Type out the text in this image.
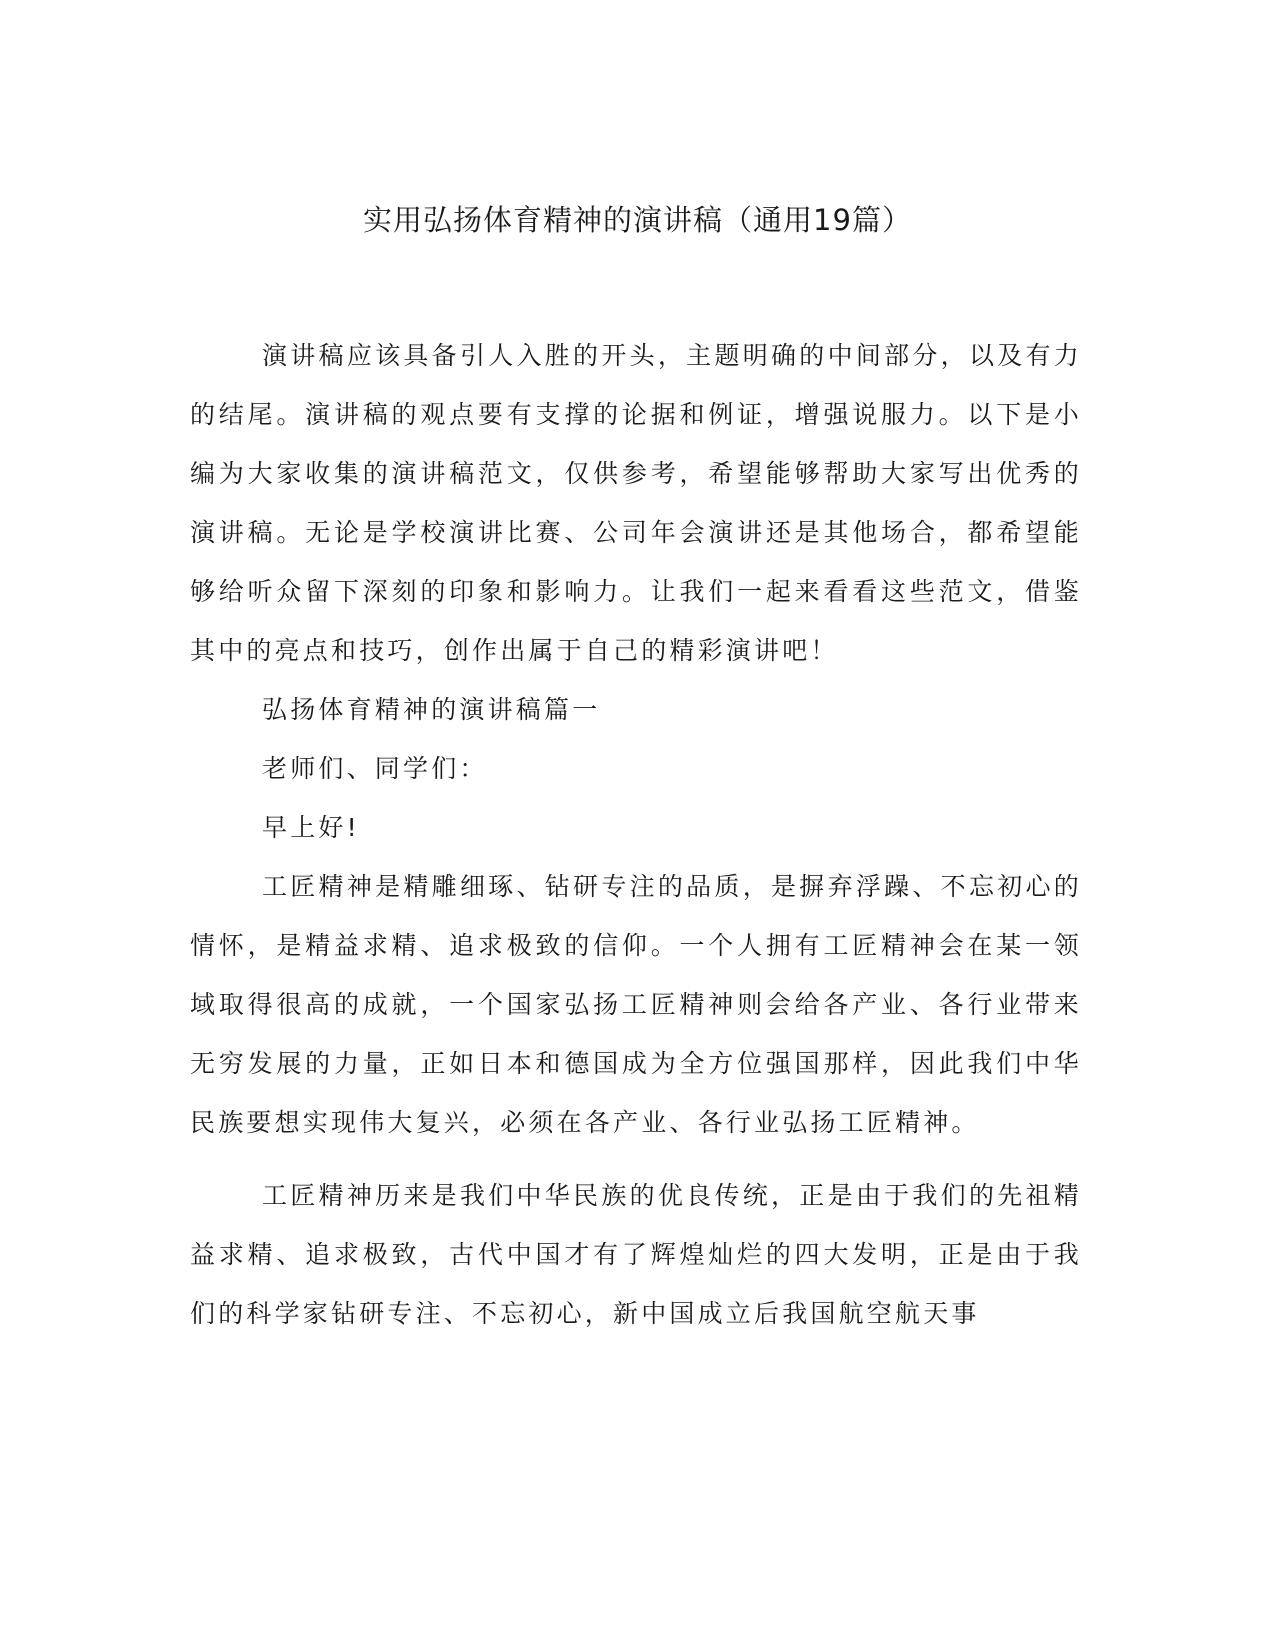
实用弘扬体育精神的演讲稿（通用19篇）

演讲稿应该具备引人入胜的开头，主题明确的中间部分，以及有力的结尾。演讲稿的观点要有支撑的论据和例证，增强说服力。以下是小编为大家收集的演讲稿范文，仅供参考，希望能够帮助大家写出优秀的演讲稿。无论是学校演讲比赛、公司年会演讲还是其他场合，都希望能够给听众留下深刻的印象和影响力。让我们一起来看看这些范文，借鉴其中的亮点和技巧，创作出属于自己的精彩演讲吧！

弘扬体育精神的演讲稿篇一

老师们、同学们：

早上好!

工匠精神是精雕细琢、钻研专注的品质，是摒弃浮躁、不忘初心的情怀，是精益求精、追求极致的信仰。一个人拥有工匠精神会在某一领域取得很高的成就，一个国家弘扬工匠精神则会给各产业、各行业带来无穷发展的力量，正如日本和德国成为全方位强国那样，因此我们中华民族要想实现伟大复兴，必须在各产业、各行业弘扬工匠精神。

工匠精神历来是我们中华民族的优良传统，正是由于我们的先祖精益求精、追求极致，古代中国才有了辉煌灿烂的四大发明，正是由于我们的科学家钻研专注、不忘初心，新中国成立后我国航空航天事
